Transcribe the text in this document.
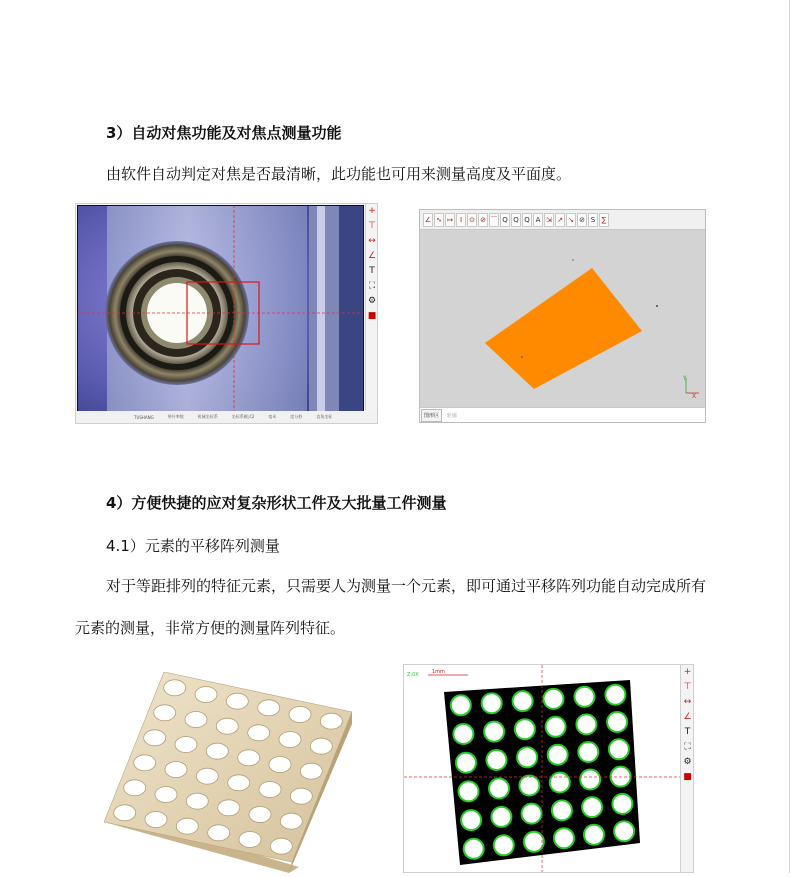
3）自动对焦功能及对焦点测量功能
由软件自动判定对焦是否最清晰，此功能也可用来测量高度及平面度。
+
⊤
↔
∠
T
⛶
⚙
■
TUSHANG	带针率数	机械坐标系	坐标系模式2	毫米	度分秒	直角坐标
∠ ∿ ↦	I	⊙ ⊘ ⌒ Q Q Q A ⇲ ↗ ↘ ⊘ S ∑
Y
X
图形区	轮廓
4）方便快捷的应对复杂形状工件及大批量工件测量
4.1）元素的平移阵列测量
对于等距排列的特征元素，只需要人为测量一个元素，即可通过平移阵列功能自动完成所有
元素的测量，非常方便的测量阵列特征。
Z:0X	+
⊤
↔
∠
T
⛶
⚙
■
1mm
